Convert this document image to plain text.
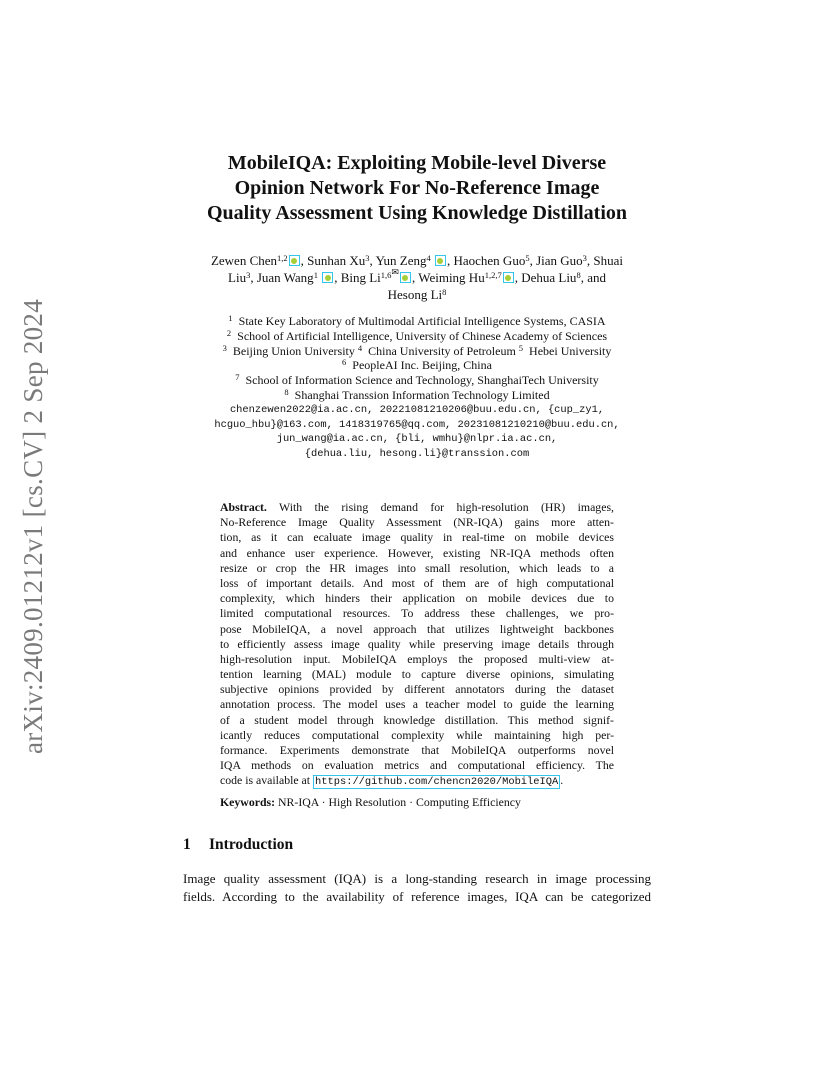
arXiv:2409.01212v1 [cs.CV] 2 Sep 2024
MobileIQA: Exploiting Mobile-level Diverse
Opinion Network For No-Reference Image
Quality Assessment Using Knowledge Distillation
Zewen Chen$^{1,2}$ , Sunhan Xu$^3$, Yun Zeng$^4$ , Haochen Guo$^5$, Jian Guo$^3$, Shuai
Liu$^3$, Juan Wang$^1$ , Bing $Li^{1,6✉}$ , Weiming Hu$^{1,2,7}$ , Dehua Liu$^8$, and
Hesong Li$^8$
$^1$ State Key Laboratory of Multimodal Artificial Intelligence Systems, CASIA
$^2$ School of Artificial Intelligence, University of Chinese Academy of Sciences
$^3$ Beijing Union University $^4$ China University of Petroleum $^5$ Hebei University
$^6$ PeopleAI Inc. Beijing, China
$^7$ School of Information Science and Technology, ShanghaiTech University
$^8$ Shanghai Transsion Information Technology Limited
chenzewen2022@ia.ac.cn, 20221081210206@buu.edu.cn, {cup_zy1,
hcguo_hbu}@163.com, 1418319765@qq.com, 20231081210210@buu.edu.cn,
jun_wang@ia.ac.cn, {bli, wmhu}@nlpr.ia.ac.cn,
{dehua.liu, hesong.li}@transsion.com
Abstract. With the rising demand for high-resolution (HR) images,
No-Reference Image Quality Assessment (NR-IQA) gains more atten-
tion, as it can ecaluate image quality in real-time on mobile devices
and enhance user experience. However, existing NR-IQA methods often
resize or crop the HR images into small resolution, which leads to a
loss of important details. And most of them are of high computational
complexity, which hinders their application on mobile devices due to
limited computational resources. To address these challenges, we pro-
pose MobileIQA, a novel approach that utilizes lightweight backbones
to efficiently assess image quality while preserving image details through
high-resolution input. MobileIQA employs the proposed multi-view at-
tention learning (MAL) module to capture diverse opinions, simulating
subjective opinions provided by different annotators during the dataset
annotation process. The model uses a teacher model to guide the learning
of a student model through knowledge distillation. This method signif-
icantly reduces computational complexity while maintaining high per-
formance. Experiments demonstrate that MobileIQA outperforms novel
IQA methods on evaluation metrics and computational efficiency. The
code is available at https://github.com/chencn2020/MobileIQA .
Keywords: NR-IQA · High Resolution · Computing Efficiency
1 Introduction
Image quality assessment (IQA) is a long-standing research in image processing
fields. According to the availability of reference images, IQA can be categorized
